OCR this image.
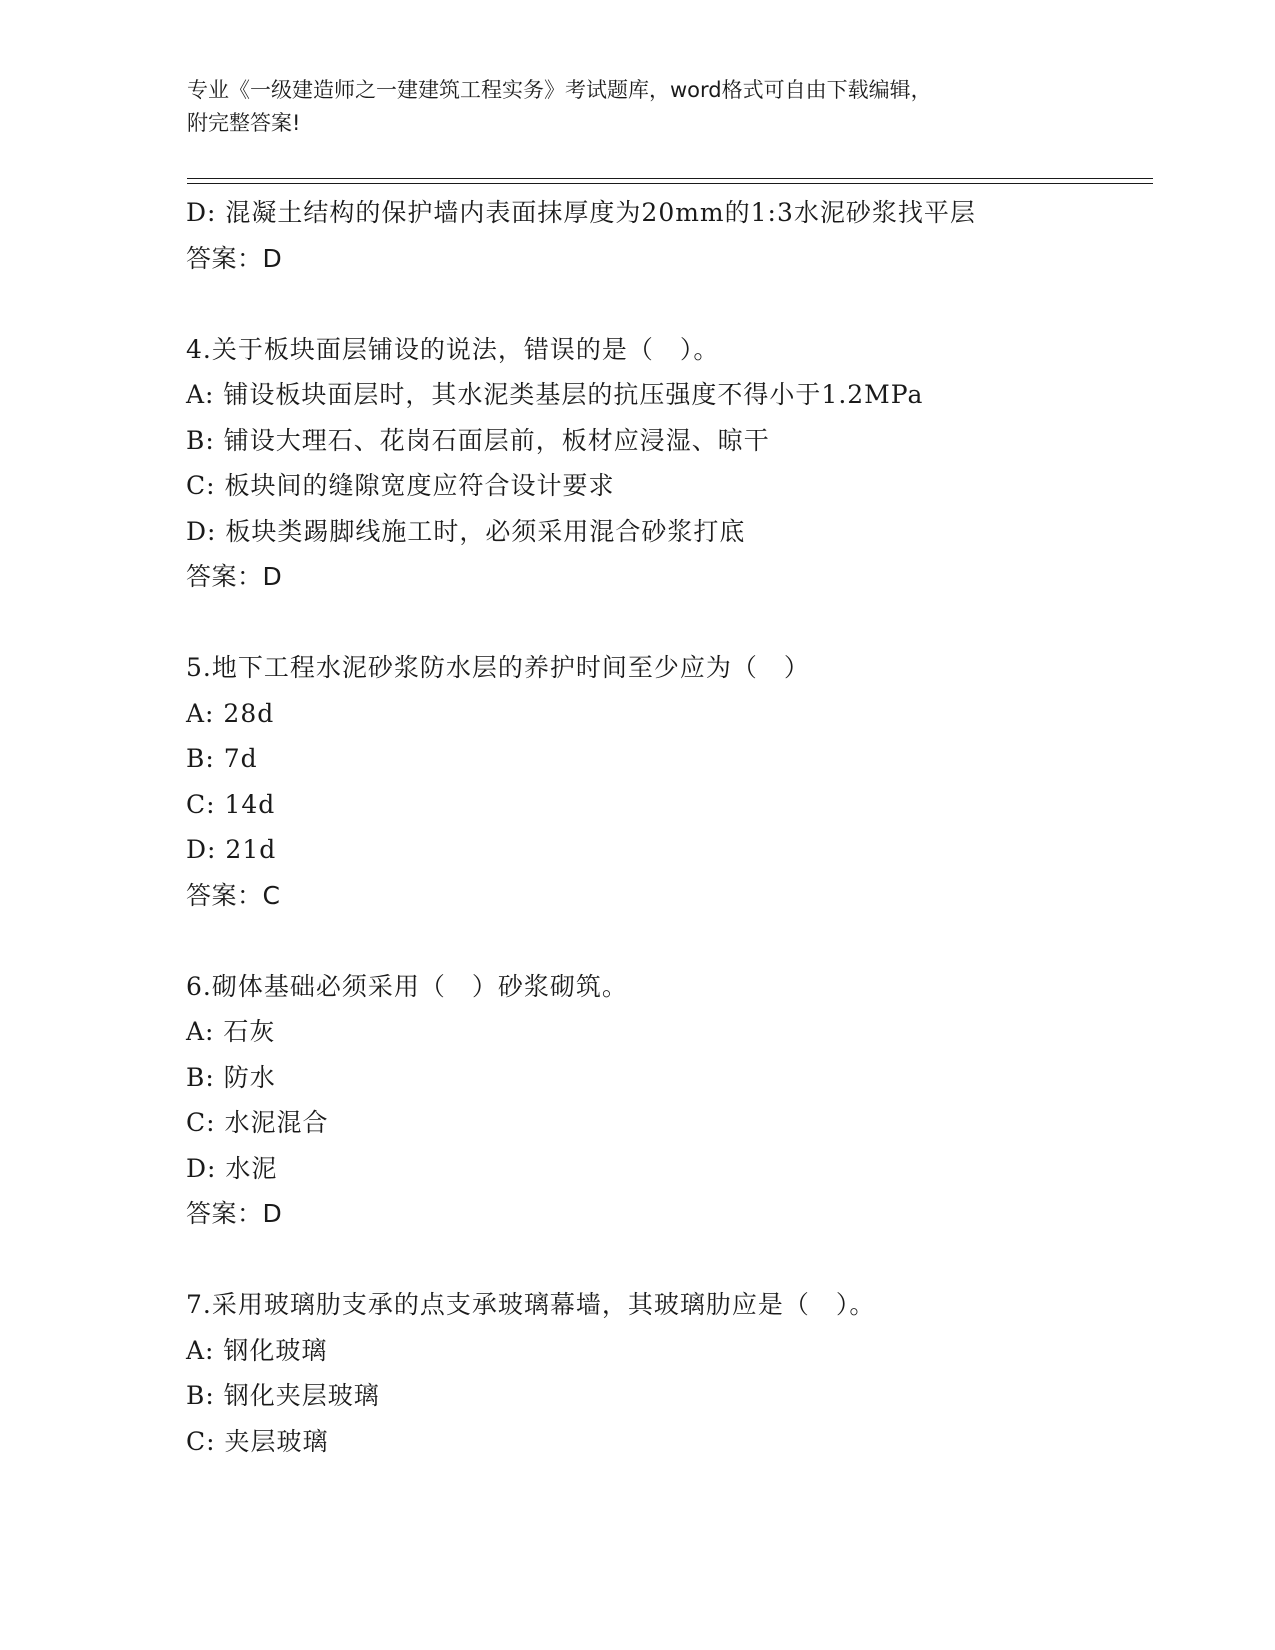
专业《一级建造师之一建建筑工程实务》考试题库，word格式可自由下载编辑，
附完整答案!
D: 混凝土结构的保护墙内表面抹厚度为20mm的1:3水泥砂浆找平层
答案：D
4.关于板块面层铺设的说法，错误的是（　）。
A: 铺设板块面层时，其水泥类基层的抗压强度不得小于1.2MPa
B: 铺设大理石、花岗石面层前，板材应浸湿、晾干
C: 板块间的缝隙宽度应符合设计要求
D: 板块类踢脚线施工时，必须采用混合砂浆打底
答案：D
5.地下工程水泥砂浆防水层的养护时间至少应为（　）
A: 28d
B: 7d
C: 14d
D: 21d
答案：C
6.砌体基础必须采用（　）砂浆砌筑。
A: 石灰
B: 防水
C: 水泥混合
D: 水泥
答案：D
7.采用玻璃肋支承的点支承玻璃幕墙，其玻璃肋应是（　）。
A: 钢化玻璃
B: 钢化夹层玻璃
C: 夹层玻璃
